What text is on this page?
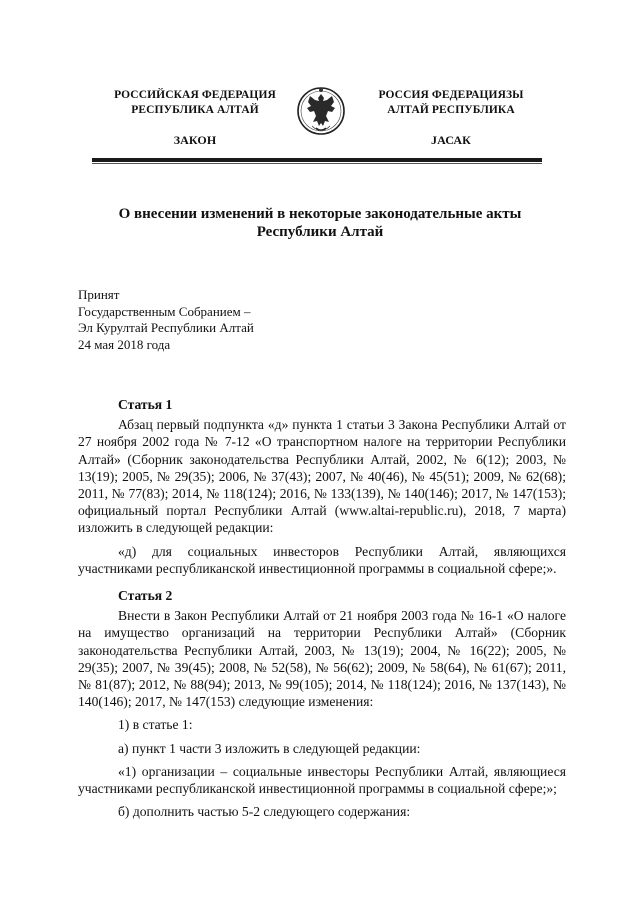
РОССИЙСКАЯ ФЕДЕРАЦИЯ
РЕСПУБЛИКА АЛТАЙ
ЗАКОН
РОССИЯ ФЕДЕРАЦИЯЗЫ
АЛТАЙ РЕСПУБЛИКА
JАСАК
О внесении изменений в некоторые законодательные акты
Республики Алтай
Принят
Государственным Собранием –
Эл Курултай Республики Алтай
24 мая 2018 года
Статья 1

Абзац первый подпункта «д» пункта 1 статьи 3 Закона Республики Алтай от 27 ноября 2002 года № 7-12 «О транспортном налоге на территории Республики Алтай» (Сборник законодательства Республики Алтай, 2002, № 6(12); 2003, № 13(19); 2005, № 29(35); 2006, № 37(43); 2007, № 40(46), № 45(51); 2009, № 62(68); 2011, № 77(83); 2014, № 118(124); 2016, № 133(139), № 140(146); 2017, № 147(153); официальный портал Республики Алтай (www.altai-republic.ru), 2018, 7 марта) изложить в следующей редакции:

«д) для социальных инвесторов Республики Алтай, являющихся участниками республиканской инвестиционной программы в социальной сфере;».

Статья 2

Внести в Закон Республики Алтай от 21 ноября 2003 года № 16-1 «О налоге на имущество организаций на территории Республики Алтай» (Сборник законодательства Республики Алтай, 2003, № 13(19); 2004, № 16(22); 2005, № 29(35); 2007, № 39(45); 2008, № 52(58), № 56(62); 2009, № 58(64), № 61(67); 2011, № 81(87); 2012, № 88(94); 2013, № 99(105); 2014, № 118(124); 2016, № 137(143), № 140(146); 2017, № 147(153) следующие изменения:

1) в статье 1:

а) пункт 1 части 3 изложить в следующей редакции:

«1) организации – социальные инвесторы Республики Алтай, являющиеся участниками республиканской инвестиционной программы в социальной сфере;»;

б) дополнить частью 5-2 следующего содержания:
